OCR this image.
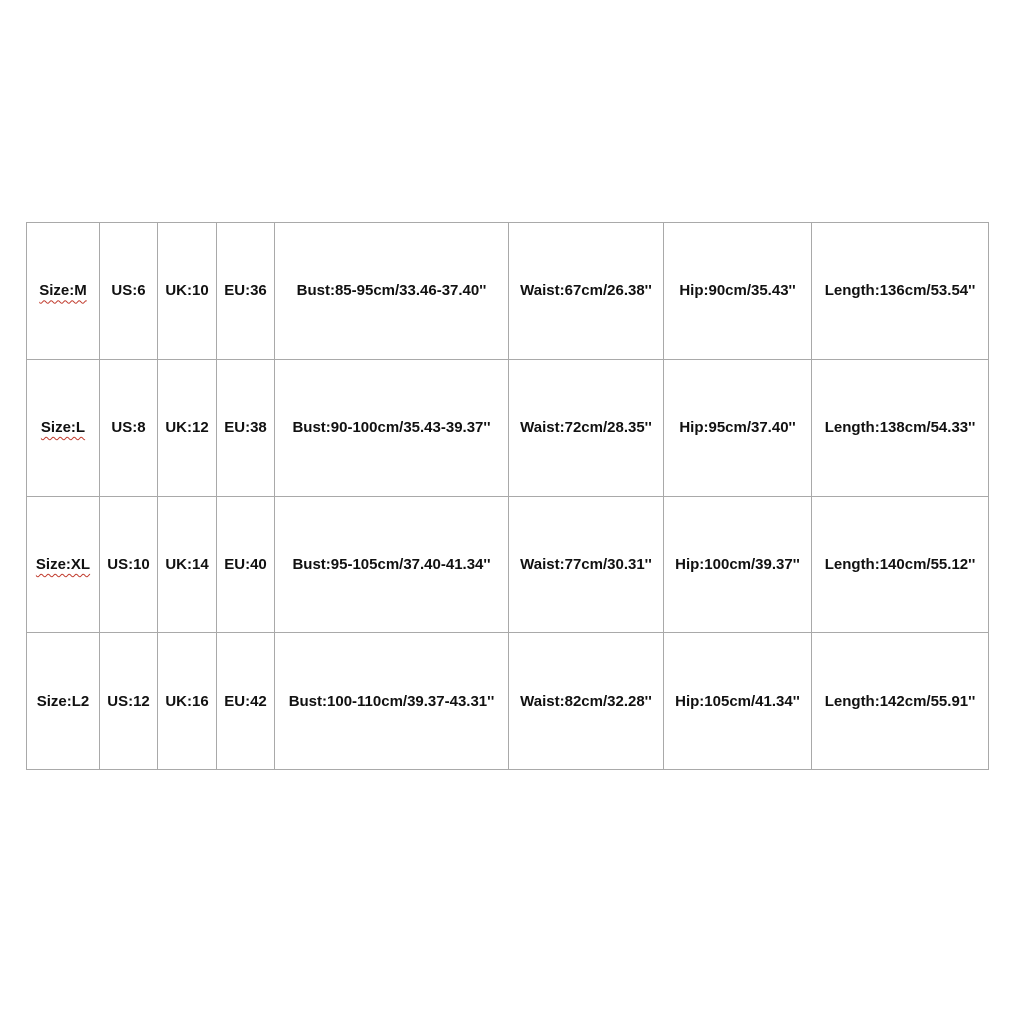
Size:M	US:6	UK:10	EU:36	Bust:85-95cm/33.46-37.40''	Waist:67cm/26.38''	Hip:90cm/35.43''	Length:136cm/53.54''
Size:L	US:8	UK:12	EU:38	Bust:90-100cm/35.43-39.37''	Waist:72cm/28.35''	Hip:95cm/37.40''	Length:138cm/54.33''
Size:XL	US:10	UK:14	EU:40	Bust:95-105cm/37.40-41.34''	Waist:77cm/30.31''	Hip:100cm/39.37''	Length:140cm/55.12''
Size:L2	US:12	UK:16	EU:42	Bust:100-110cm/39.37-43.31''	Waist:82cm/32.28''	Hip:105cm/41.34''	Length:142cm/55.91''
